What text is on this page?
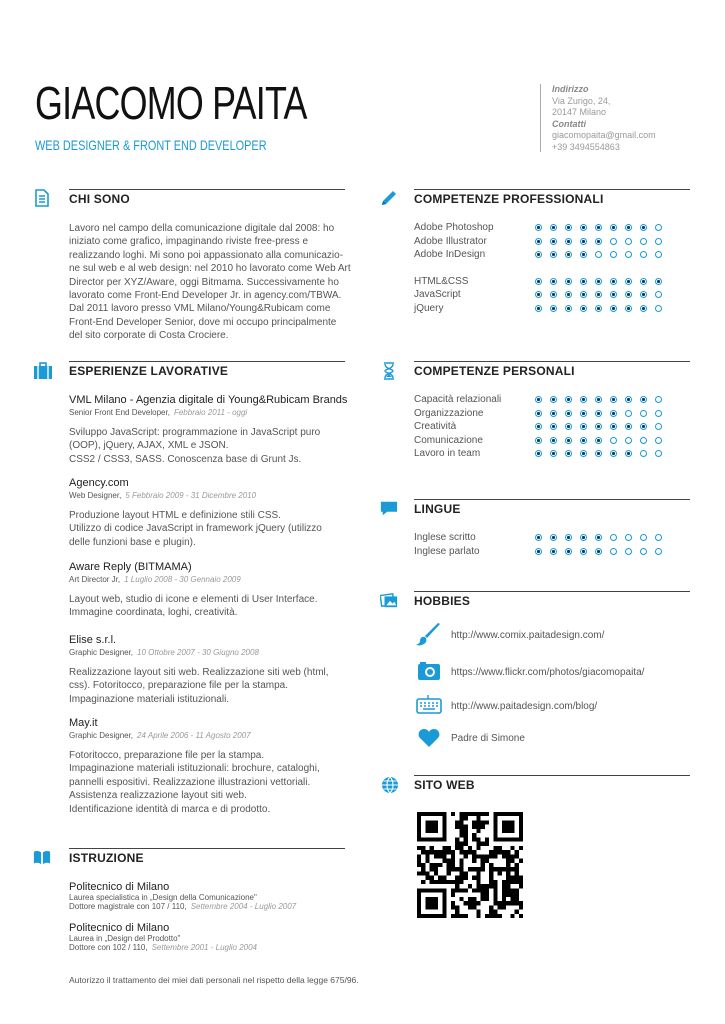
GIACOMO PAITA
WEB DESIGNER & FRONT END DEVELOPER
Indirizzo
Via Zurigo, 24,
20147 Milano
Contatti
giacomopaita@gmail.com
+39 3494554863
CHI SONO
Lavoro nel campo della comunicazione digitale dal 2008: ho
iniziato come grafico, impaginando riviste free-press e
realizzando loghi. Mi sono poi appassionato alla comunicazio-
ne sul web e al web design: nel 2010 ho lavorato come Web Art
Director per XYZ/Aware, oggi Bitmama. Successivamente ho
lavorato come Front-End Developer Jr. in agency.com/TBWA.
Dal 2011 lavoro presso VML Milano/Young&Rubicam come
Front-End Developer Senior, dove mi occupo principalmente
del sito corporate di Costa Crociere.
ESPERIENZE LAVORATIVE
VML Milano - Agenzia digitale di Young&Rubicam Brands
Senior Front End Developer, Febbraio 2011 - oggi
Sviluppo JavaScript: programmazione in JavaScript puro
(OOP), jQuery, AJAX, XML e JSON.
CSS2 / CSS3, SASS. Conoscenza base di Grunt Js.
Agency.com
Web Designer, 5 Febbraio 2009 - 31 Dicembre 2010
Produzione layout HTML e definizione stili CSS.
Utilizzo di codice JavaScript in framework jQuery (utilizzo
delle funzioni base e plugin).
Aware Reply (BITMAMA)
Art Director Jr, 1 Luglio 2008 - 30 Gennaio 2009
Layout web, studio di icone e elementi di User Interface.
Immagine coordinata, loghi, creatività.
Elise s.r.l.
Graphic Designer, 10 Ottobre 2007 - 30 Giugno 2008
Realizzazione layout siti web. Realizzazione siti web (html,
css). Fotoritocco, preparazione file per la stampa.
Impaginazione materiali istituzionali.
May.it
Graphic Designer, 24 Aprile 2006 - 11 Agosto 2007
Fotoritocco, preparazione file per la stampa.
Impaginazione materiali istituzionali: brochure, cataloghi,
pannelli espositivi. Realizzazione illustrazioni vettoriali.
Assistenza realizzazione layout siti web.
Identificazione identità di marca e di prodotto.
ISTRUZIONE
Politecnico di Milano
Laurea specialistica in „Design della Comunicazione"
Dottore magistrale con 107 / 110, Settembre 2004 - Luglio 2007
Politecnico di Milano
Laurea in „Design del Prodotto"
Dottore con 102 / 110, Settembre 2001 - Luglio 2004
Autorizzo il trattamento dei miei dati personali nel rispetto della legge 675/96.
COMPETENZE PROFESSIONALI
Adobe Photoshop
Adobe Illustrator
Adobe InDesign
HTML&CSS
JavaScript
jQuery
COMPETENZE PERSONALI
Capacità relazionali
Organizzazione
Creatività
Comunicazione
Lavoro in team
LINGUE
Inglese scritto
Inglese parlato
HOBBIES
http://www.comix.paitadesign.com/
https://www.flickr.com/photos/giacomopaita/
http://www.paitadesign.com/blog/
Padre di Simone
SITO WEB
